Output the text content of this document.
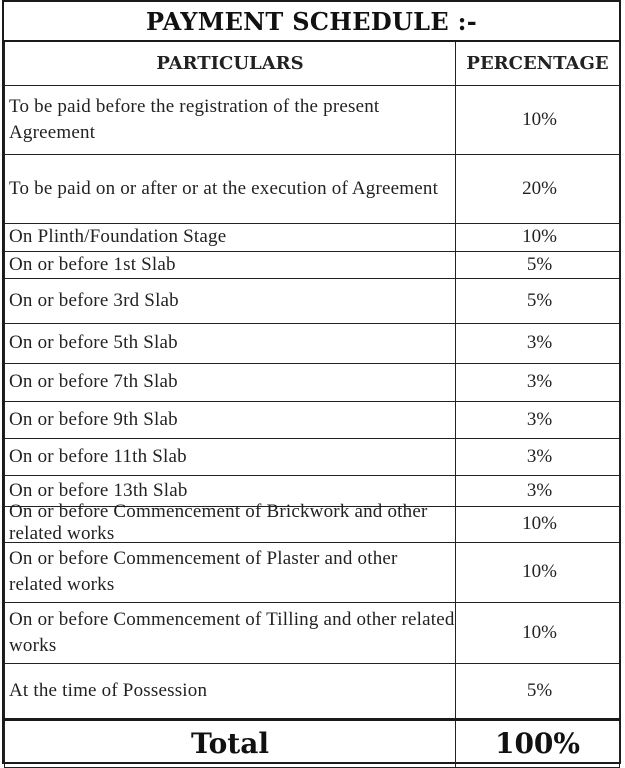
PAYMENT SCHEDULE :-
PARTICULARS	PERCENTAGE
To be paid before the registration of the present Agreement	10%
To be paid on or after or at the execution of Agreement	20%
On Plinth/Foundation Stage	10%
On or before 1st Slab	5%
On or before 3rd Slab	5%
On or before 5th Slab	3%
On or before 7th Slab	3%
On or before 9th Slab	3%
On or before 11th Slab	3%
On or before 13th Slab	3%

On or before Commencement of Brickwork and other related works	10%
On or before Commencement of Plaster and other related works	10%
On or before Commencement of Tilling and other related works	10%
At the time of Possession	5%
Total	100%
